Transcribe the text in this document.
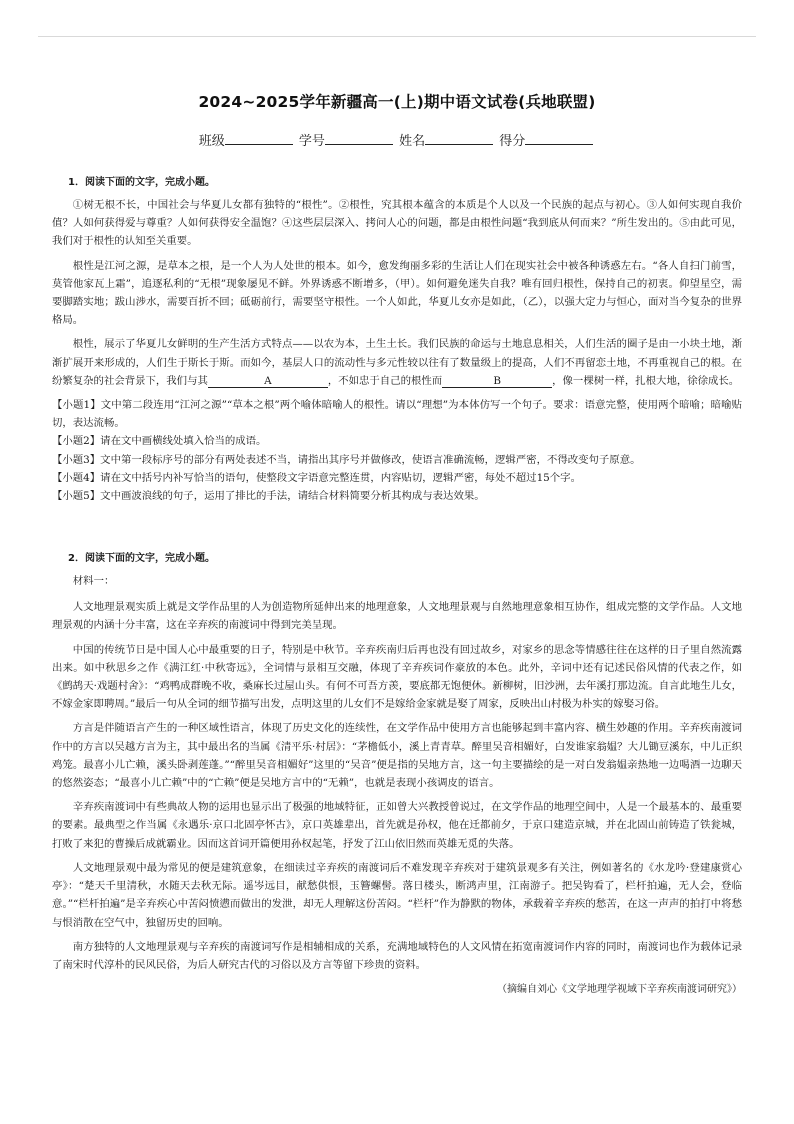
2024~2025学年新疆高一(上)期中语文试卷(兵地联盟)
班级	学号	姓名	得分
1．阅读下面的文字，完成小题。

①树无根不长，中国社会与华夏儿女都有独特的“根性”。②根性，究其根本蕴含的本质是个人以及一个民族的起点与初心。③人如何实现自我价值？人如何获得爱与尊重？人如何获得安全温饱？④这些层层深入、拷问人心的问题，都是由根性问题“我到底从何而来？”所生发出的。⑤由此可见，我们对于根性的认知至关重要。

根性是江河之源，是草本之根，是一个人为人处世的根本。如今，愈发绚丽多彩的生活让人们在现实社会中被各种诱惑左右。“各人自扫门前雪，莫管他家瓦上霜”，追逐私利的“无根”现象屡见不鲜。外界诱惑不断增多，（甲）。如何避免迷失自我？唯有回归根性，保持自己的初衷。仰望星空，需要脚踏实地；跋山涉水，需要百折不回；砥砺前行，需要坚守根性。一个人如此，华夏儿女亦是如此，（乙），以强大定力与恒心，面对当今复杂的世界格局。

根性，展示了华夏儿女鲜明的生产生活方式特点——以农为本，土生土长。我们民族的命运与土地息息相关，人们生活的圈子是由一小块土地，渐渐扩展开来形成的，人们生于斯长于斯。而如今，基层人口的流动性与多元性较以往有了数量级上的提高，人们不再留恋土地，不再重视自己的根。在纷繁复杂的社会背景下，我们与其	A	，不如忠于自己的根性而	B	，像一棵树一样，扎根大地，徐徐成长。

【小题1】文中第二段连用“江河之源”“草本之根”两个喻体暗喻人的根性。请以“理想”为本体仿写一个句子。要求：语意完整，使用两个暗喻；暗喻贴切，表达流畅。
【小题2】请在文中画横线处填入恰当的成语。
【小题3】文中第一段标序号的部分有两处表述不当，请指出其序号并做修改，使语言准确流畅，逻辑严密，不得改变句子原意。
【小题4】请在文中括号内补写恰当的语句，使整段文字语意完整连贯，内容贴切，逻辑严密，每处不超过15个字。
【小题5】文中画波浪线的句子，运用了排比的手法，请结合材料简要分析其构成与表达效果。
2．阅读下面的文字，完成小题。
材料一：

人文地理景观实质上就是文学作品里的人为创造物所延伸出来的地理意象，人文地理景观与自然地理意象相互协作，组成完整的文学作品。人文地理景观的内涵十分丰富，这在辛弃疾的南渡词中得到完美呈现。

中国的传统节日是中国人心中最重要的日子，特别是中秋节。辛弃疾南归后再也没有回过故乡，对家乡的思念等情感往往在这样的日子里自然流露出来。如中秋思乡之作《满江红·中秋寄远》，全词情与景相互交融，体现了辛弃疾词作豪放的本色。此外，辛词中还有记述民俗风情的代表之作，如《鹧鸪天·戏题村舍》：“鸡鸭成群晚不收，桑麻长过屋山头。有何不可吾方羡，要底都无饱便休。新柳树，旧沙洲，去年溪打那边流。自言此地生儿女，不嫁金家即聘周。”最后一句从全词的细节描写出发，点明这里的儿女们不是嫁给金家就是娶了周家，反映出山村极为朴实的嫁娶习俗。

方言是伴随语言产生的一种区域性语言，体现了历史文化的连续性，在文学作品中使用方言也能够起到丰富内容、横生妙趣的作用。辛弃疾南渡词作中的方言以吴越方言为主，其中最出名的当属《清平乐·村居》：“茅檐低小，溪上青青草。醉里吴音相媚好，白发谁家翁媪？大儿锄豆溪东，中儿正织鸡笼。最喜小儿亡赖，溪头卧剥莲蓬。”“醉里吴音相媚好”这里的“吴音”便是指的吴地方言，这一句主要描绘的是一对白发翁媪亲热地一边喝酒一边聊天的悠然姿态；“最喜小儿亡赖”中的“亡赖”便是吴地方言中的“无赖”，也就是表现小孩调皮的语言。

辛弃疾南渡词中有些典故人物的运用也显示出了极强的地域特征，正如曾大兴教授曾说过，在文学作品的地理空间中，人是一个最基本的、最重要的要素。最典型之作当属《永遇乐·京口北固亭怀古》，京口英雄辈出，首先就是孙权，他在迁都前夕，于京口建造京城，并在北固山前铸造了铁瓮城，打败了来犯的曹操后成就霸业。因而这首词开篇便用孙权起笔，抒发了江山依旧然而英雄无觅的失落。

人文地理景观中最为常见的便是建筑意象，在细读过辛弃疾的南渡词后不难发现辛弃疾对于建筑景观多有关注，例如著名的《水龙吟·登建康赏心亭》：“楚天千里清秋，水随天去秋无际。遥岑远目，献愁供恨，玉簪螺髻。落日楼头，断鸿声里，江南游子。把吴钩看了，栏杆拍遍，无人会，登临意。”“栏杆拍遍”是辛弃疾心中苦闷愤懑而做出的发泄，却无人理解这份苦闷。“栏杆”作为静默的物体，承载着辛弃疾的愁苦，在这一声声的拍打中将愁与恨消散在空气中，独留历史的回响。

南方独特的人文地理景观与辛弃疾的南渡词写作是相辅相成的关系，充满地域特色的人文风情在拓宽南渡词作内容的同时，南渡词也作为载体记录了南宋时代淳朴的民风民俗，为后人研究古代的习俗以及方言等留下珍贵的资料。

（摘编自刘心《文学地理学视域下辛弃疾南渡词研究》）
